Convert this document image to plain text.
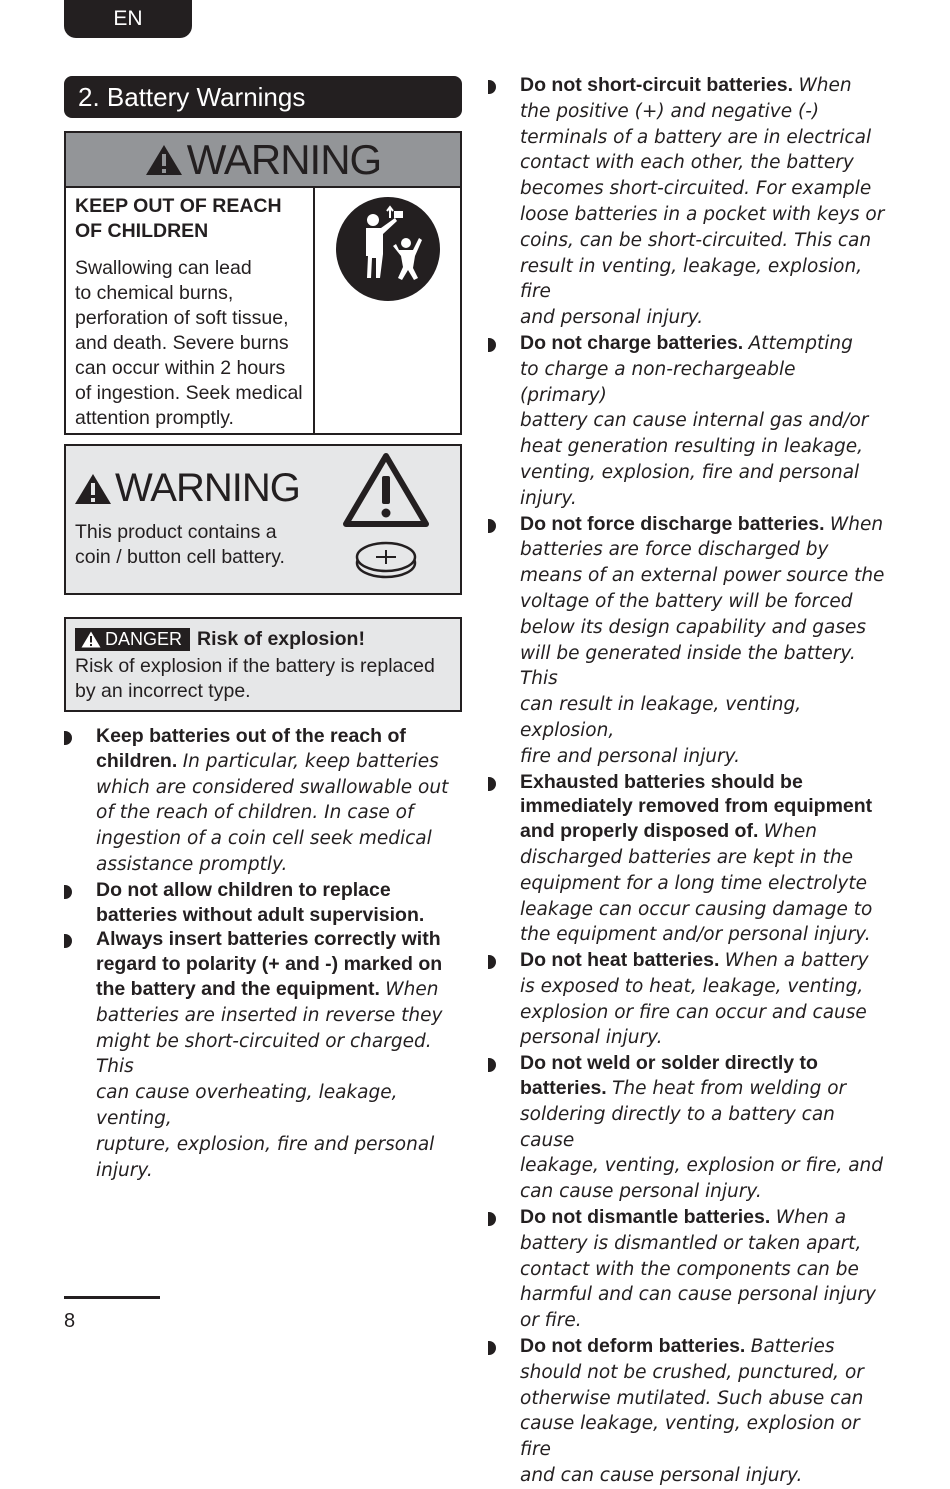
EN
2. Battery Warnings
WARNING
KEEP OUT OF REACH
OF CHILDREN
Swallowing can lead
to chemical burns,
perforation of soft tissue,
and death. Severe burns
can occur within 2 hours
of ingestion. Seek medical
attention promptly.
WARNING
This product contains a
coin / button cell battery.
DANGER Risk of explosion!
Risk of explosion if the battery is replaced
by an incorrect type.
Keep batteries out of the reach of
children. In particular, keep batteries
which are considered swallowable out
of the reach of children. In case of
ingestion of a coin cell seek medical
assistance promptly.
Do not allow children to replace
batteries without adult supervision.
Always insert batteries correctly with
regard to polarity (+ and -) marked on
the battery and the equipment. When
batteries are inserted in reverse they
might be short-circuited or charged. This
can cause overheating, leakage, venting,
rupture, explosion, fire and personal
injury.
Do not short-circuit batteries. When
the positive (+) and negative (-)
terminals of a battery are in electrical
contact with each other, the battery
becomes short-circuited. For example
loose batteries in a pocket with keys or
coins, can be short-circuited. This can
result in venting, leakage, explosion, fire
and personal injury.
Do not charge batteries. Attempting
to charge a non-rechargeable (primary)
battery can cause internal gas and/or
heat generation resulting in leakage,
venting, explosion, fire and personal
injury.
Do not force discharge batteries. When batteries are force discharged by
means of an external power source the
voltage of the battery will be forced
below its design capability and gases
will be generated inside the battery. This
can result in leakage, venting, explosion,
fire and personal injury.
Exhausted batteries should be
immediately removed from equipment
and properly disposed of. When
discharged batteries are kept in the
equipment for a long time electrolyte
leakage can occur causing damage to
the equipment and/or personal injury.
Do not heat batteries. When a battery
is exposed to heat, leakage, venting,
explosion or fire can occur and cause
personal injury.
Do not weld or solder directly to
batteries. The heat from welding or
soldering directly to a battery can cause
leakage, venting, explosion or fire, and
can cause personal injury.
Do not dismantle batteries. When a
battery is dismantled or taken apart,
contact with the components can be
harmful and can cause personal injury
or fire.
Do not deform batteries. Batteries
should not be crushed, punctured, or
otherwise mutilated. Such abuse can
cause leakage, venting, explosion or fire
and can cause personal injury.
8
